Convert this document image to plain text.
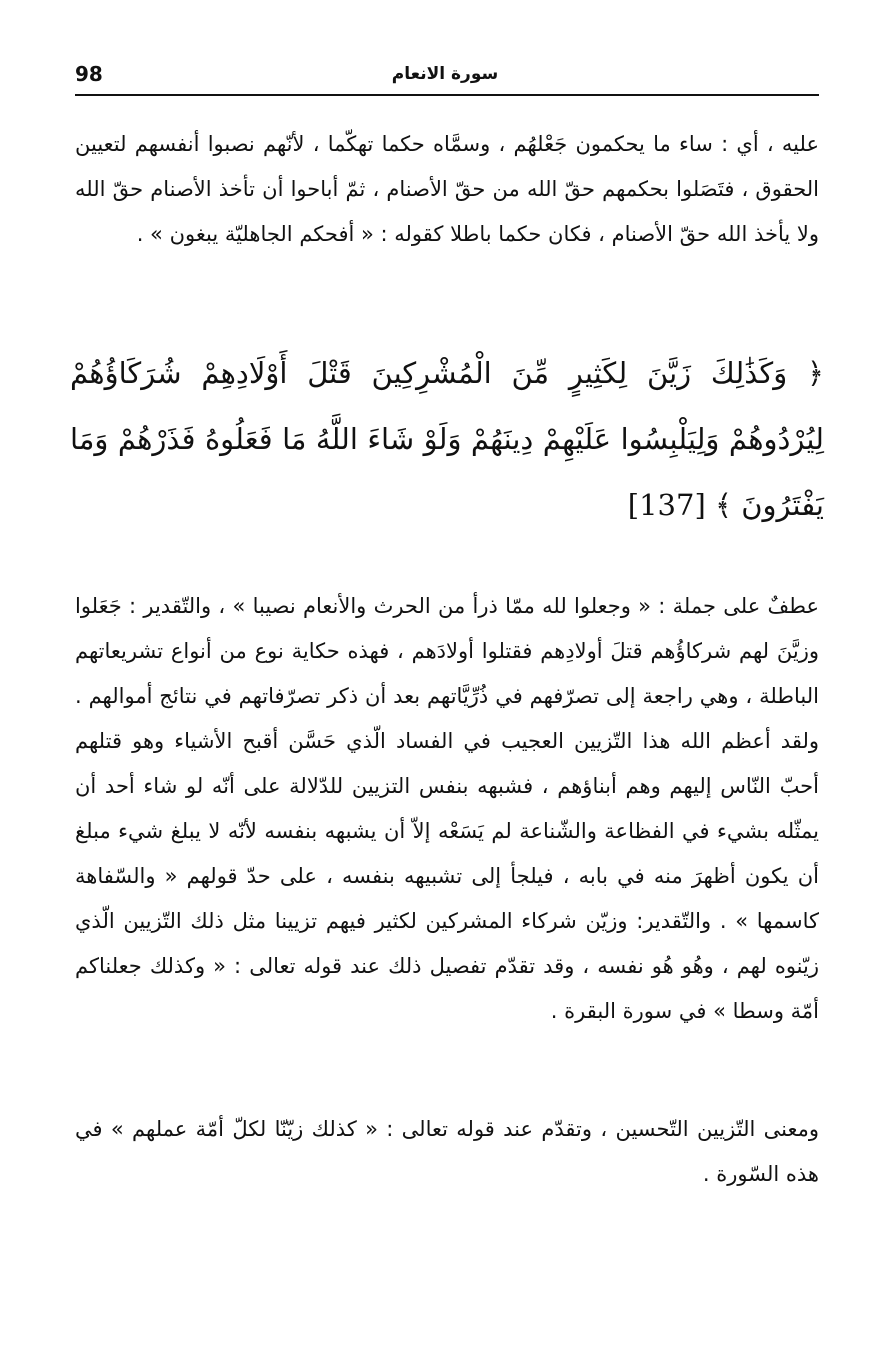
98	سورة الانعام
عليه ، أي : ساء ما يحكمون جَعْلهُم ، وسمَّاه حكما تهكّما ، لأنّهم نصبوا أنفسهم لتعيين الحقوق ، فتَصَلوا بحكمهم حقّ الله من حقّ الأصنام ، ثمّ أباحوا أن تأخذ الأصنام حقّ الله ولا يأخذ الله حقّ الأصنام ، فكان حكما باطلا كقوله : « أفحكم الجاهليّة يبغون » .
﴿ وَكَذَٰلِكَ زَيَّنَ لِكَثِيرٍ مِّنَ الْمُشْرِكِينَ قَتْلَ أَوْلَادِهِمْ شُرَكَاؤُهُمْ لِيُرْدُوهُمْ وَلِيَلْبِسُوا عَلَيْهِمْ دِينَهُمْ وَلَوْ شَاءَ اللَّهُ مَا فَعَلُوهُ فَذَرْهُمْ وَمَا يَفْتَرُونَ ﴾ [137]
عطفٌ على جملة : « وجعلوا لله ممّا ذرأ من الحرث والأنعام نصيبا » ، والتّقدير : جَعَلوا وزيَّنَ لهم شركاؤُهم قتلَ أولادِهم فقتلوا أولادَهم ، فهذه حكاية نوع من أنواع تشريعاتهم الباطلة ، وهي راجعة إلى تصرّفهم في ذُرِّيَّاتهم بعد أن ذكر تصرّفاتهم في نتائج أموالهم . ولقد أعظم الله هذا التّزيين العجيب في الفساد الّذي حَسَّن أقبح الأشياء وهو قتلهم أحبّ النّاس إليهم وهم أبناؤهم ، فشبهه بنفس التزيين للدّلالة على أنّه لو شاء أحد أن يمثّله بشيء في الفظاعة والشّناعة لم يَسَعْه إلاّ أن يشبهه بنفسه لأنّه لا يبلغ شيء مبلغ أن يكون أظهرَ منه في بابه ، فيلجأ إلى تشبيهه بنفسه ، على حدّ قولهم « والسّفاهة كاسمها » . والتّقدير: وزيّن شركاء المشركين لكثير فيهم تزيينا مثل ذلك التّزيين الّذي زيّنوه لهم ، وهُو هُو نفسه ، وقد تقدّم تفصيل ذلك عند قوله تعالى : « وكذلك جعلناكم أمّة وسطا » في سورة البقرة .
ومعنى التّزيين التّحسين ، وتقدّم عند قوله تعالى : « كذلك زيّنّا لكلّ أمّة عملهم » في هذه السّورة .
